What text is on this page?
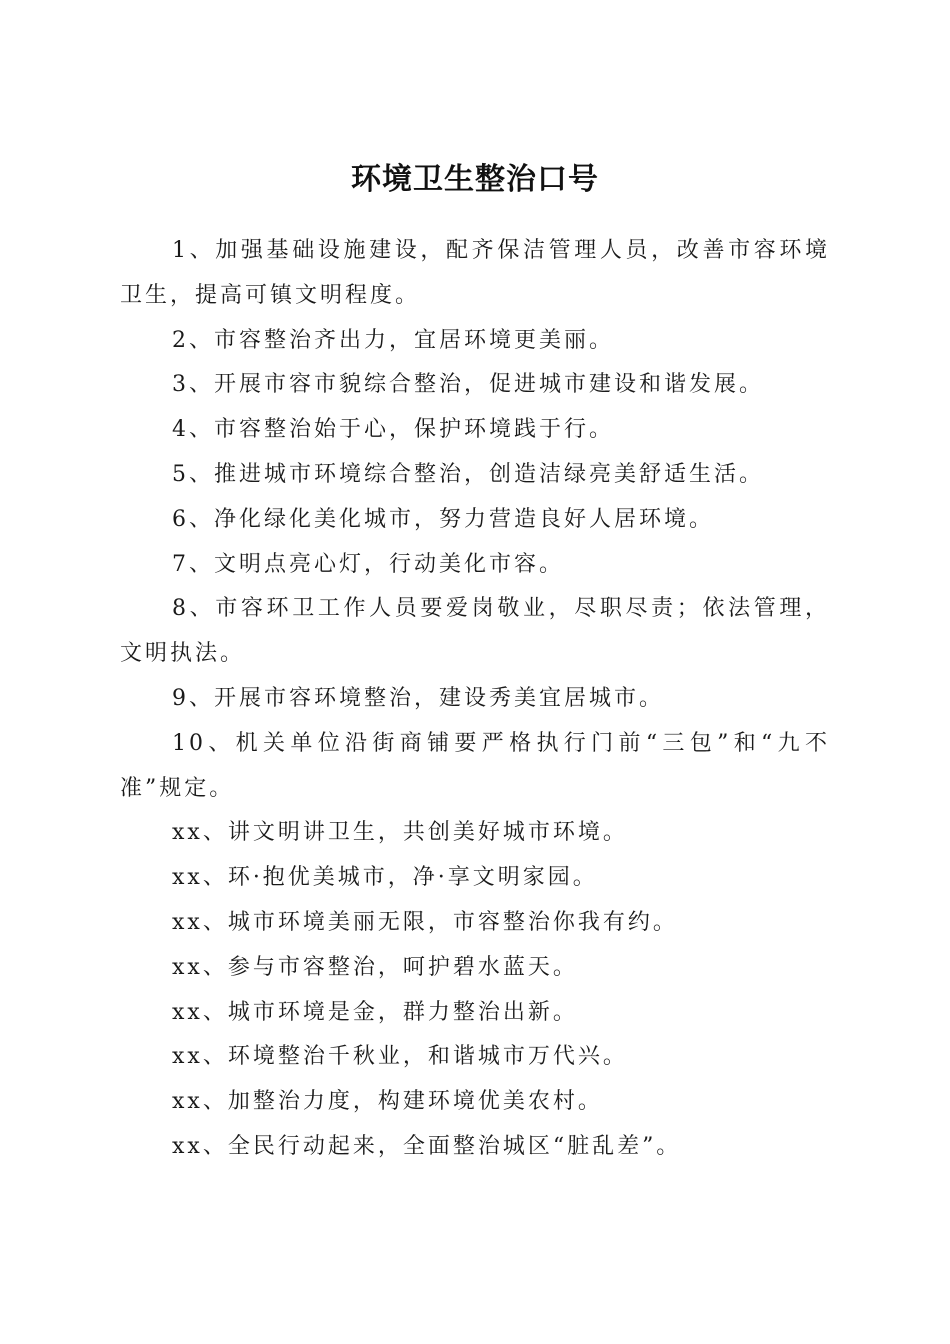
环境卫生整治口号

1、加强基础设施建设，配齐保洁管理人员，改善市容环境卫生，提高可镇文明程度。

2、市容整治齐出力，宜居环境更美丽。

3、开展市容市貌综合整治，促进城市建设和谐发展。

4、市容整治始于心，保护环境践于行。

5、推进城市环境综合整治，创造洁绿亮美舒适生活。

6、净化绿化美化城市，努力营造良好人居环境。

7、文明点亮心灯，行动美化市容。

8、市容环卫工作人员要爱岗敬业，尽职尽责；依法管理，文明执法。

9、开展市容环境整治，建设秀美宜居城市。

10、机关单位沿街商铺要严格执行门前“三包”和“九不准”规定。

xx、讲文明讲卫生，共创美好城市环境。

xx、环·抱优美城市，净·享文明家园。

xx、城市环境美丽无限，市容整治你我有约。

xx、参与市容整治，呵护碧水蓝天。

xx、城市环境是金，群力整治出新。

xx、环境整治千秋业，和谐城市万代兴。

xx、加整治力度，构建环境优美农村。

xx、全民行动起来，全面整治城区“脏乱差”。
